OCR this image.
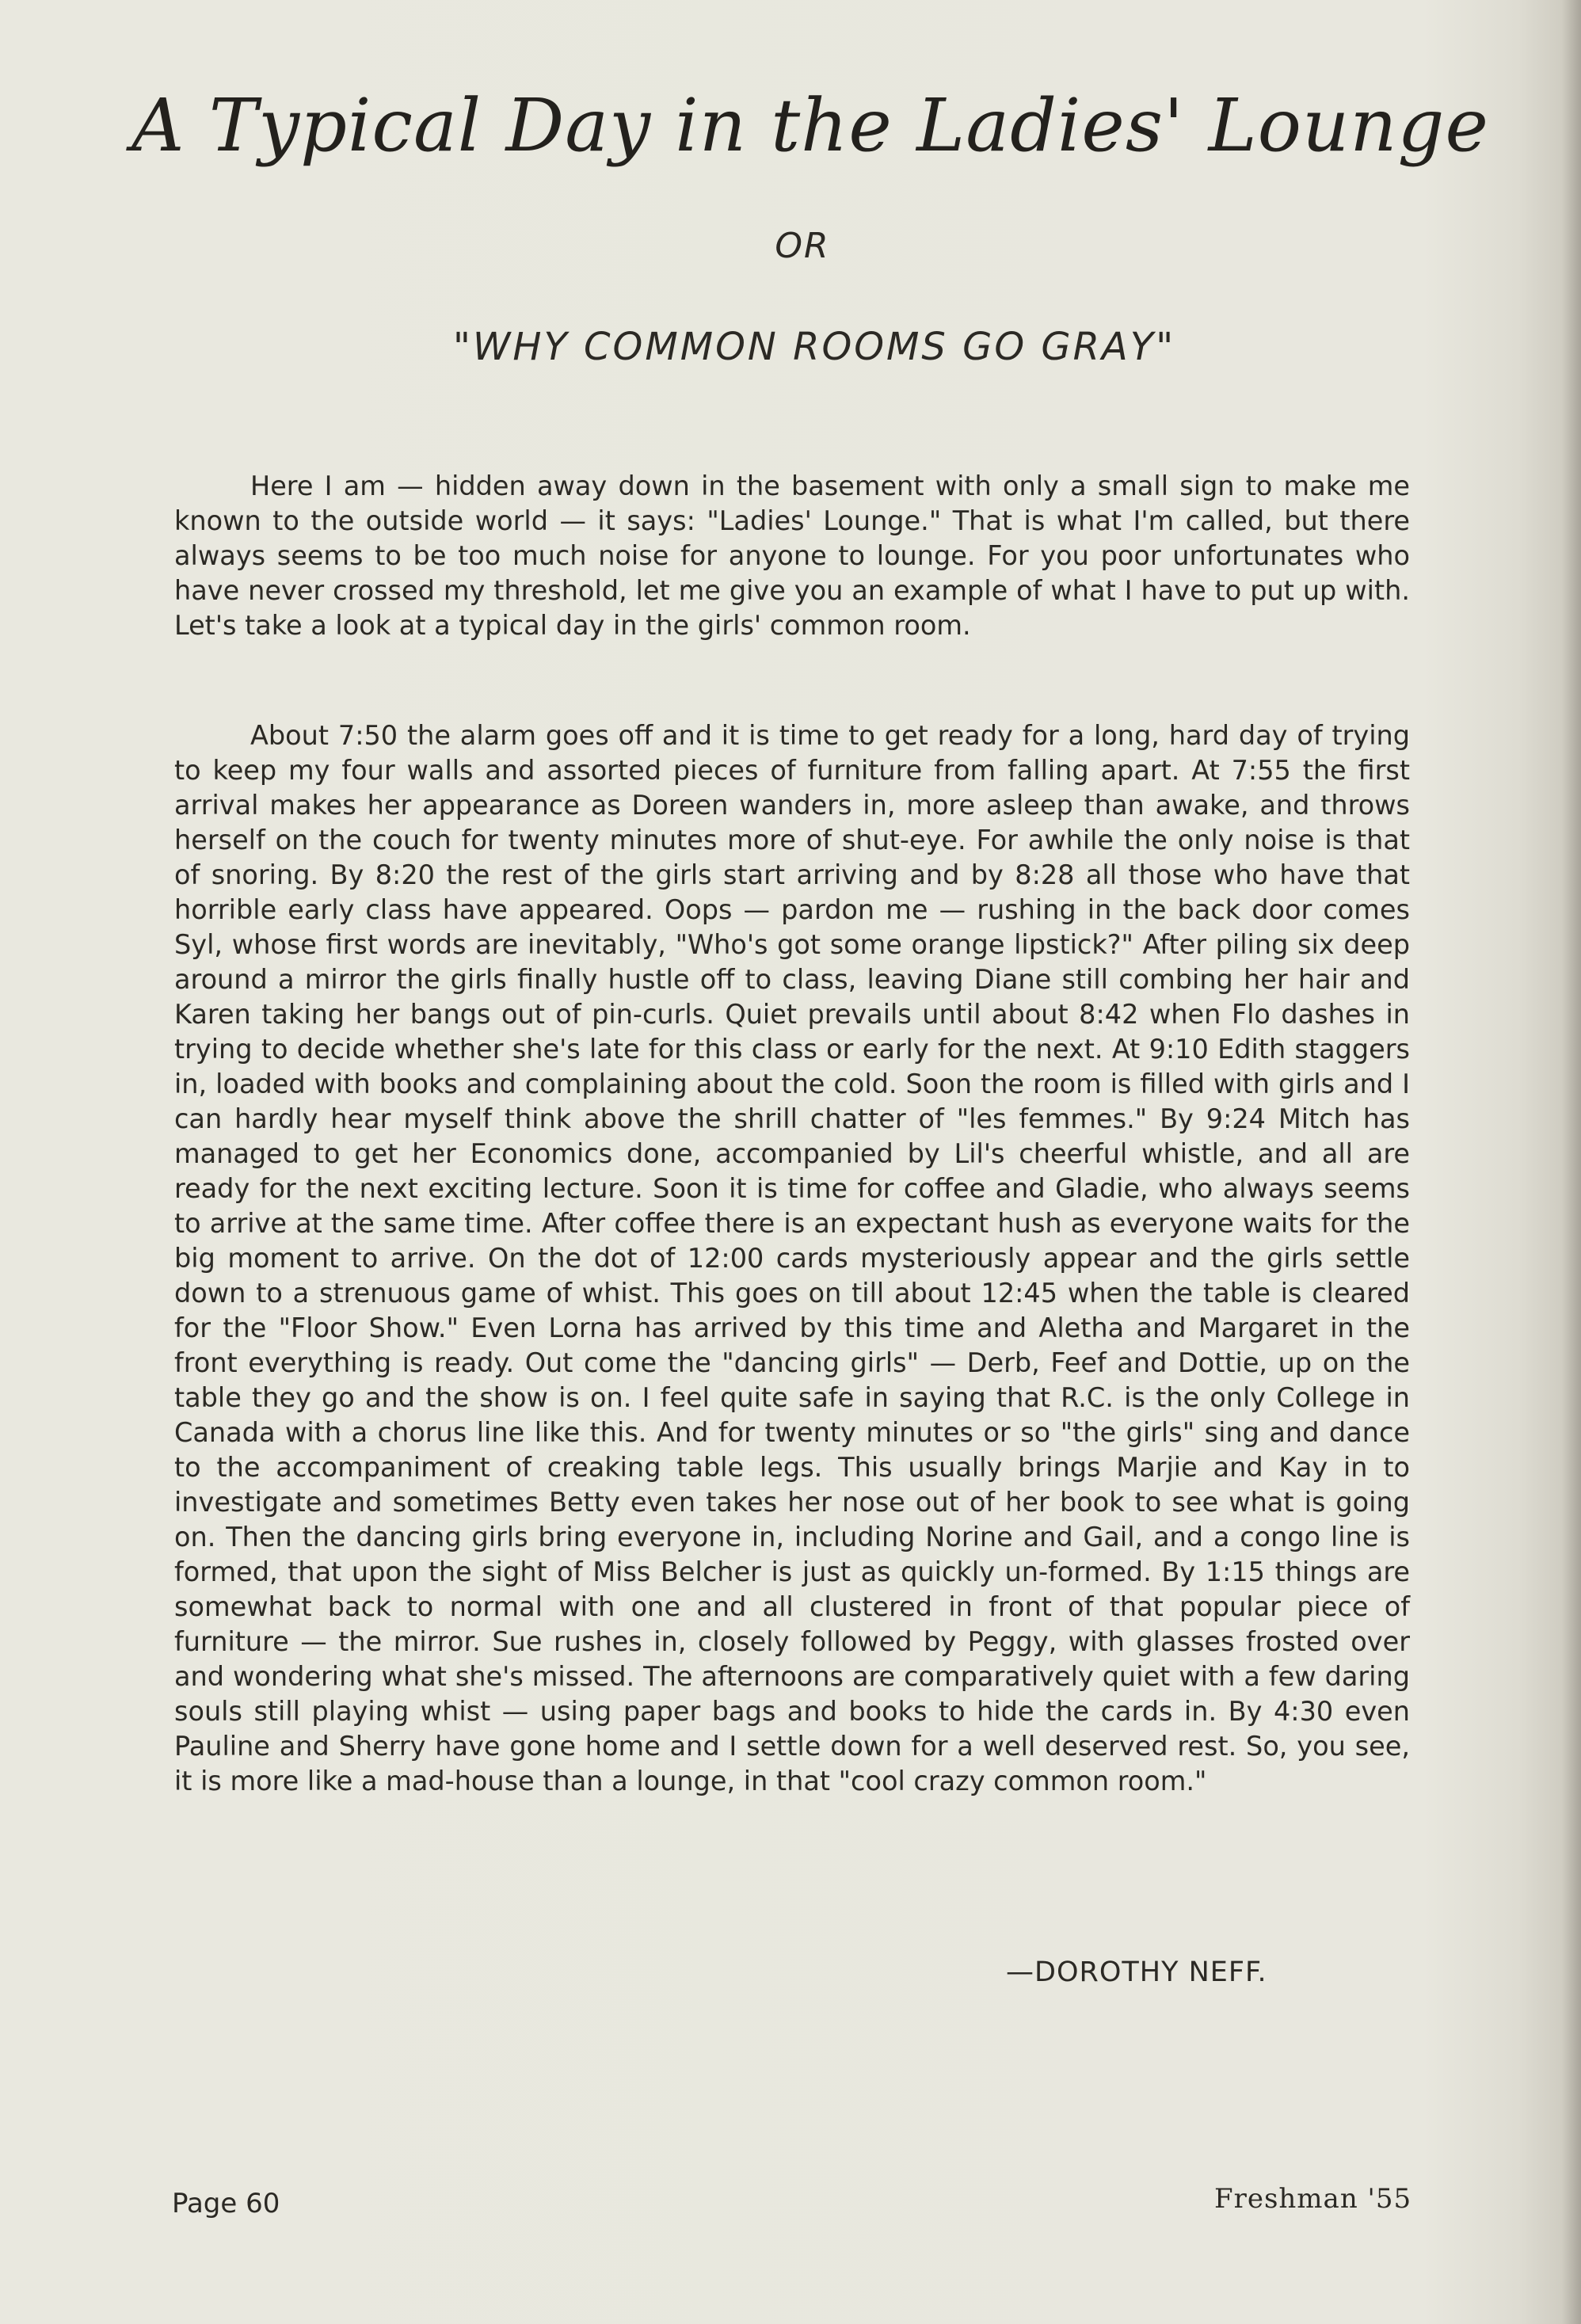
A Typical Day in the Ladies' Lounge
OR
"WHY COMMON ROOMS GO GRAY"

Here I am — hidden away down in the basement with only a small sign to make me known to the outside world — it says: "Ladies' Lounge." That is what I'm called, but there always seems to be too much noise for anyone to lounge. For you poor unfortunates who have never crossed my threshold, let me give you an example of what I have to put up with. Let's take a look at a typical day in the girls' common room.

About 7:50 the alarm goes off and it is time to get ready for a long, hard day of trying to keep my four walls and assorted pieces of furniture from falling apart. At 7:55 the first arrival makes her appearance as Doreen wanders in, more asleep than awake, and throws herself on the couch for twenty minutes more of shut-eye. For awhile the only noise is that of snoring. By 8:20 the rest of the girls start arriving and by 8:28 all those who have that horrible early class have appeared. Oops — pardon me — rushing in the back door comes Syl, whose first words are inevitably, "Who's got some orange lipstick?" After piling six deep around a mirror the girls finally hustle off to class, leaving Diane still combing her hair and Karen taking her bangs out of pin-curls. Quiet prevails until about 8:42 when Flo dashes in trying to decide whether she's late for this class or early for the next. At 9:10 Edith staggers in, loaded with books and complaining about the cold. Soon the room is filled with girls and I can hardly hear myself think above the shrill chatter of "les femmes." By 9:24 Mitch has managed to get her Economics done, accompanied by Lil's cheerful whistle, and all are ready for the next exciting lecture. Soon it is time for coffee and Gladie, who always seems to arrive at the same time. After coffee there is an expectant hush as everyone waits for the big moment to arrive. On the dot of 12:00 cards mysteriously appear and the girls settle down to a strenuous game of whist. This goes on till about 12:45 when the table is cleared for the "Floor Show." Even Lorna has arrived by this time and Aletha and Margaret in the front everything is ready. Out come the "dancing girls" — Derb, Feef and Dottie, up on the table they go and the show is on. I feel quite safe in saying that R.C. is the only College in Canada with a chorus line like this. And for twenty minutes or so "the girls" sing and dance to the accompaniment of creaking table legs. This usually brings Marjie and Kay in to investigate and sometimes Betty even takes her nose out of her book to see what is going on. Then the dancing girls bring everyone in, including Norine and Gail, and a congo line is formed, that upon the sight of Miss Belcher is just as quickly un-formed. By 1:15 things are somewhat back to normal with one and all clustered in front of that popular piece of furniture — the mirror. Sue rushes in, closely followed by Peggy, with glasses frosted over and wondering what she's missed. The afternoons are comparatively quiet with a few daring souls still playing whist — using paper bags and books to hide the cards in. By 4:30 even Pauline and Sherry have gone home and I settle down for a well deserved rest. So, you see, it is more like a mad-house than a lounge, in that "cool crazy common room."

—DOROTHY NEFF.
Page 60	Freshman '55
